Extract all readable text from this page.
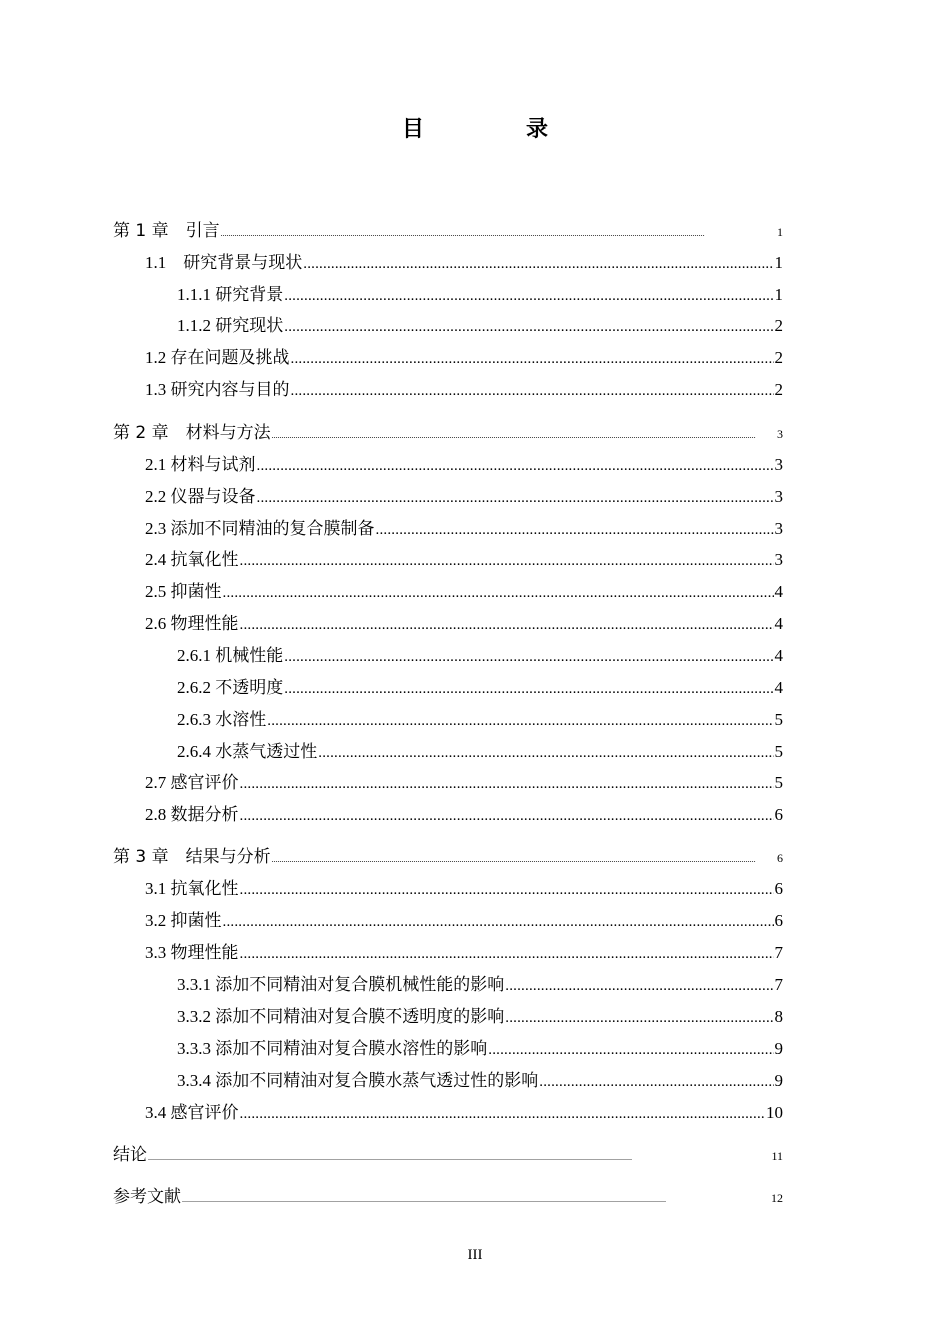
目　录
第 1 章　引言 .....	1
1.1　研究背景与现状 .....	1
1.1.1 研究背景 .....	1
1.1.2 研究现状 .....	2
1.2 存在问题及挑战 .....	2
1.3 研究内容与目的 .....	2
第 2 章　材料与方法 .....	3
2.1 材料与试剂 .....	3
2.2 仪器与设备 .....	3
2.3 添加不同精油的复合膜制备 .....	3
2.4 抗氧化性 .....	3
2.5 抑菌性 .....	4
2.6 物理性能 .....	4
2.6.1 机械性能 .....	4
2.6.2 不透明度 .....	4
2.6.3 水溶性 .....	5
2.6.4 水蒸气透过性 .....	5
2.7 感官评价 .....	5
2.8 数据分析 .....	6
第 3 章　结果与分析 .....	6
3.1 抗氧化性 .....	6
3.2 抑菌性 .....	6
3.3 物理性能 .....	7
3.3.1 添加不同精油对复合膜机械性能的影响 .....	7
3.3.2 添加不同精油对复合膜不透明度的影响 .....	8
3.3.3 添加不同精油对复合膜水溶性的影响 .....	9
3.3.4 添加不同精油对复合膜水蒸气透过性的影响 .....	9
3.4 感官评价 .....	10
结论 .....	11
参考文献 .....	12
III
